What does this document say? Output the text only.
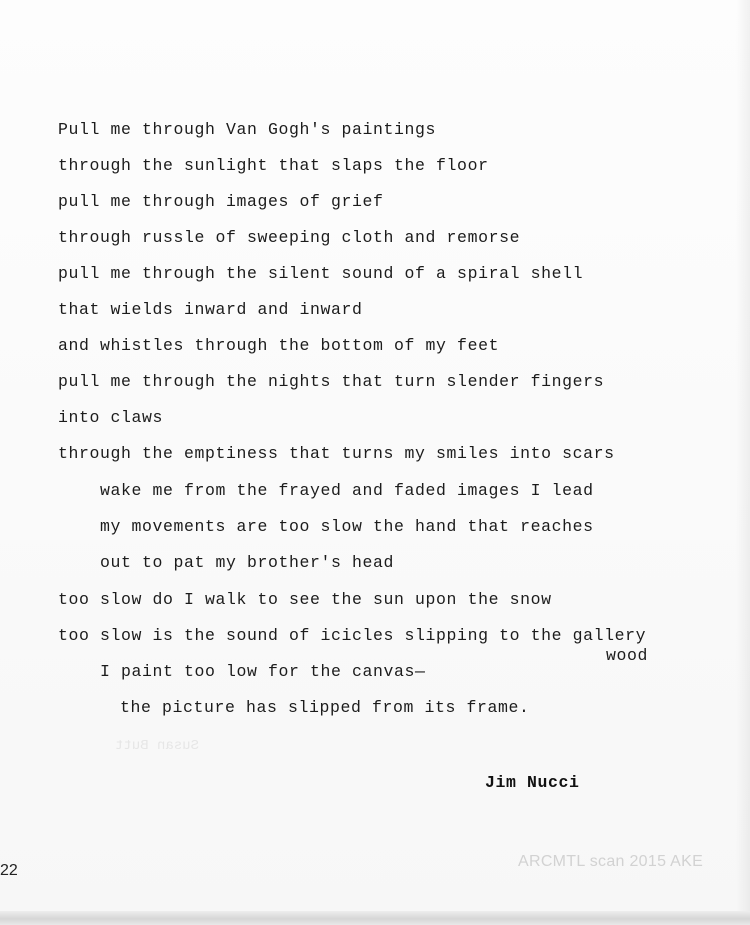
Susan Butt
Pull me through Van Gogh's paintings
through the sunlight that slaps the floor
pull me through images of grief
through russle of sweeping cloth and remorse
pull me through the silent sound of a spiral shell
that wields inward and inward
and whistles through the bottom of my feet
pull me through the nights that turn slender fingers
into claws
through the emptiness that turns my smiles into scars
wake me from the frayed and faded images I lead
my movements are too slow the hand that reaches
out to pat my brother's head
too slow do I walk to see the sun upon the snow
too slow is the sound of icicles slipping to the gallery
wood
I paint too low for the canvas—
the picture has slipped from its frame.
Jim Nucci
22
ARCMTL scan 2015 AKE
